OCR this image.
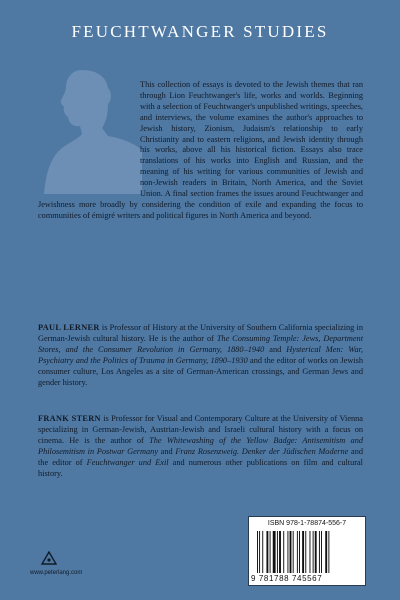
FEUCHTWANGER STUDIES

This collection of essays is devoted to the Jewish themes that ran through Lion Feuchtwanger's life, works and worlds. Beginning with a selection of Feuchtwanger's unpublished writings, speeches, and interviews, the volume examines the author's approaches to Jewish history, Zionism, Judaism's relationship to early Christianity and to eastern religions, and Jewish identity through his works, above all his historical fiction. Essays also trace translations of his works into English and Russian, and the meaning of his writing for various communities of Jewish and non-Jewish readers in Britain, North America, and the Soviet Union. A final section frames the issues around Feuchtwanger and Jewishness more broadly by considering the condition of exile and expanding the focus to communities of émigré writers and political figures in North America and beyond.

PAUL LERNER is Professor of History at the University of Southern California specializing in German-Jewish cultural history. He is the author of The Consuming Temple: Jews, Department Stores, and the Consumer Revolution in Germany, 1880–1940 and Hysterical Men: War, Psychiatry and the Politics of Trauma in Germany, 1890–1930 and the editor of works on Jewish consumer culture, Los Angeles as a site of German-American crossings, and German Jews and gender history.
FRANK STERN is Professor for Visual and Contemporary Culture at the University of Vienna specializing in German-Jewish, Austrian-Jewish and Israeli cultural history with a focus on cinema. He is the author of The Whitewashing of the Yellow Badge: Antisemitism and Philosemitism in Postwar Germany and Franz Rosenzweig. Denker der Jüdischen Moderne and the editor of Feuchtwanger und Exil and numerous other publications on film and cultural history.
www.peterlang.com
ISBN 978-1-78874-556-7
9 781788 745567
